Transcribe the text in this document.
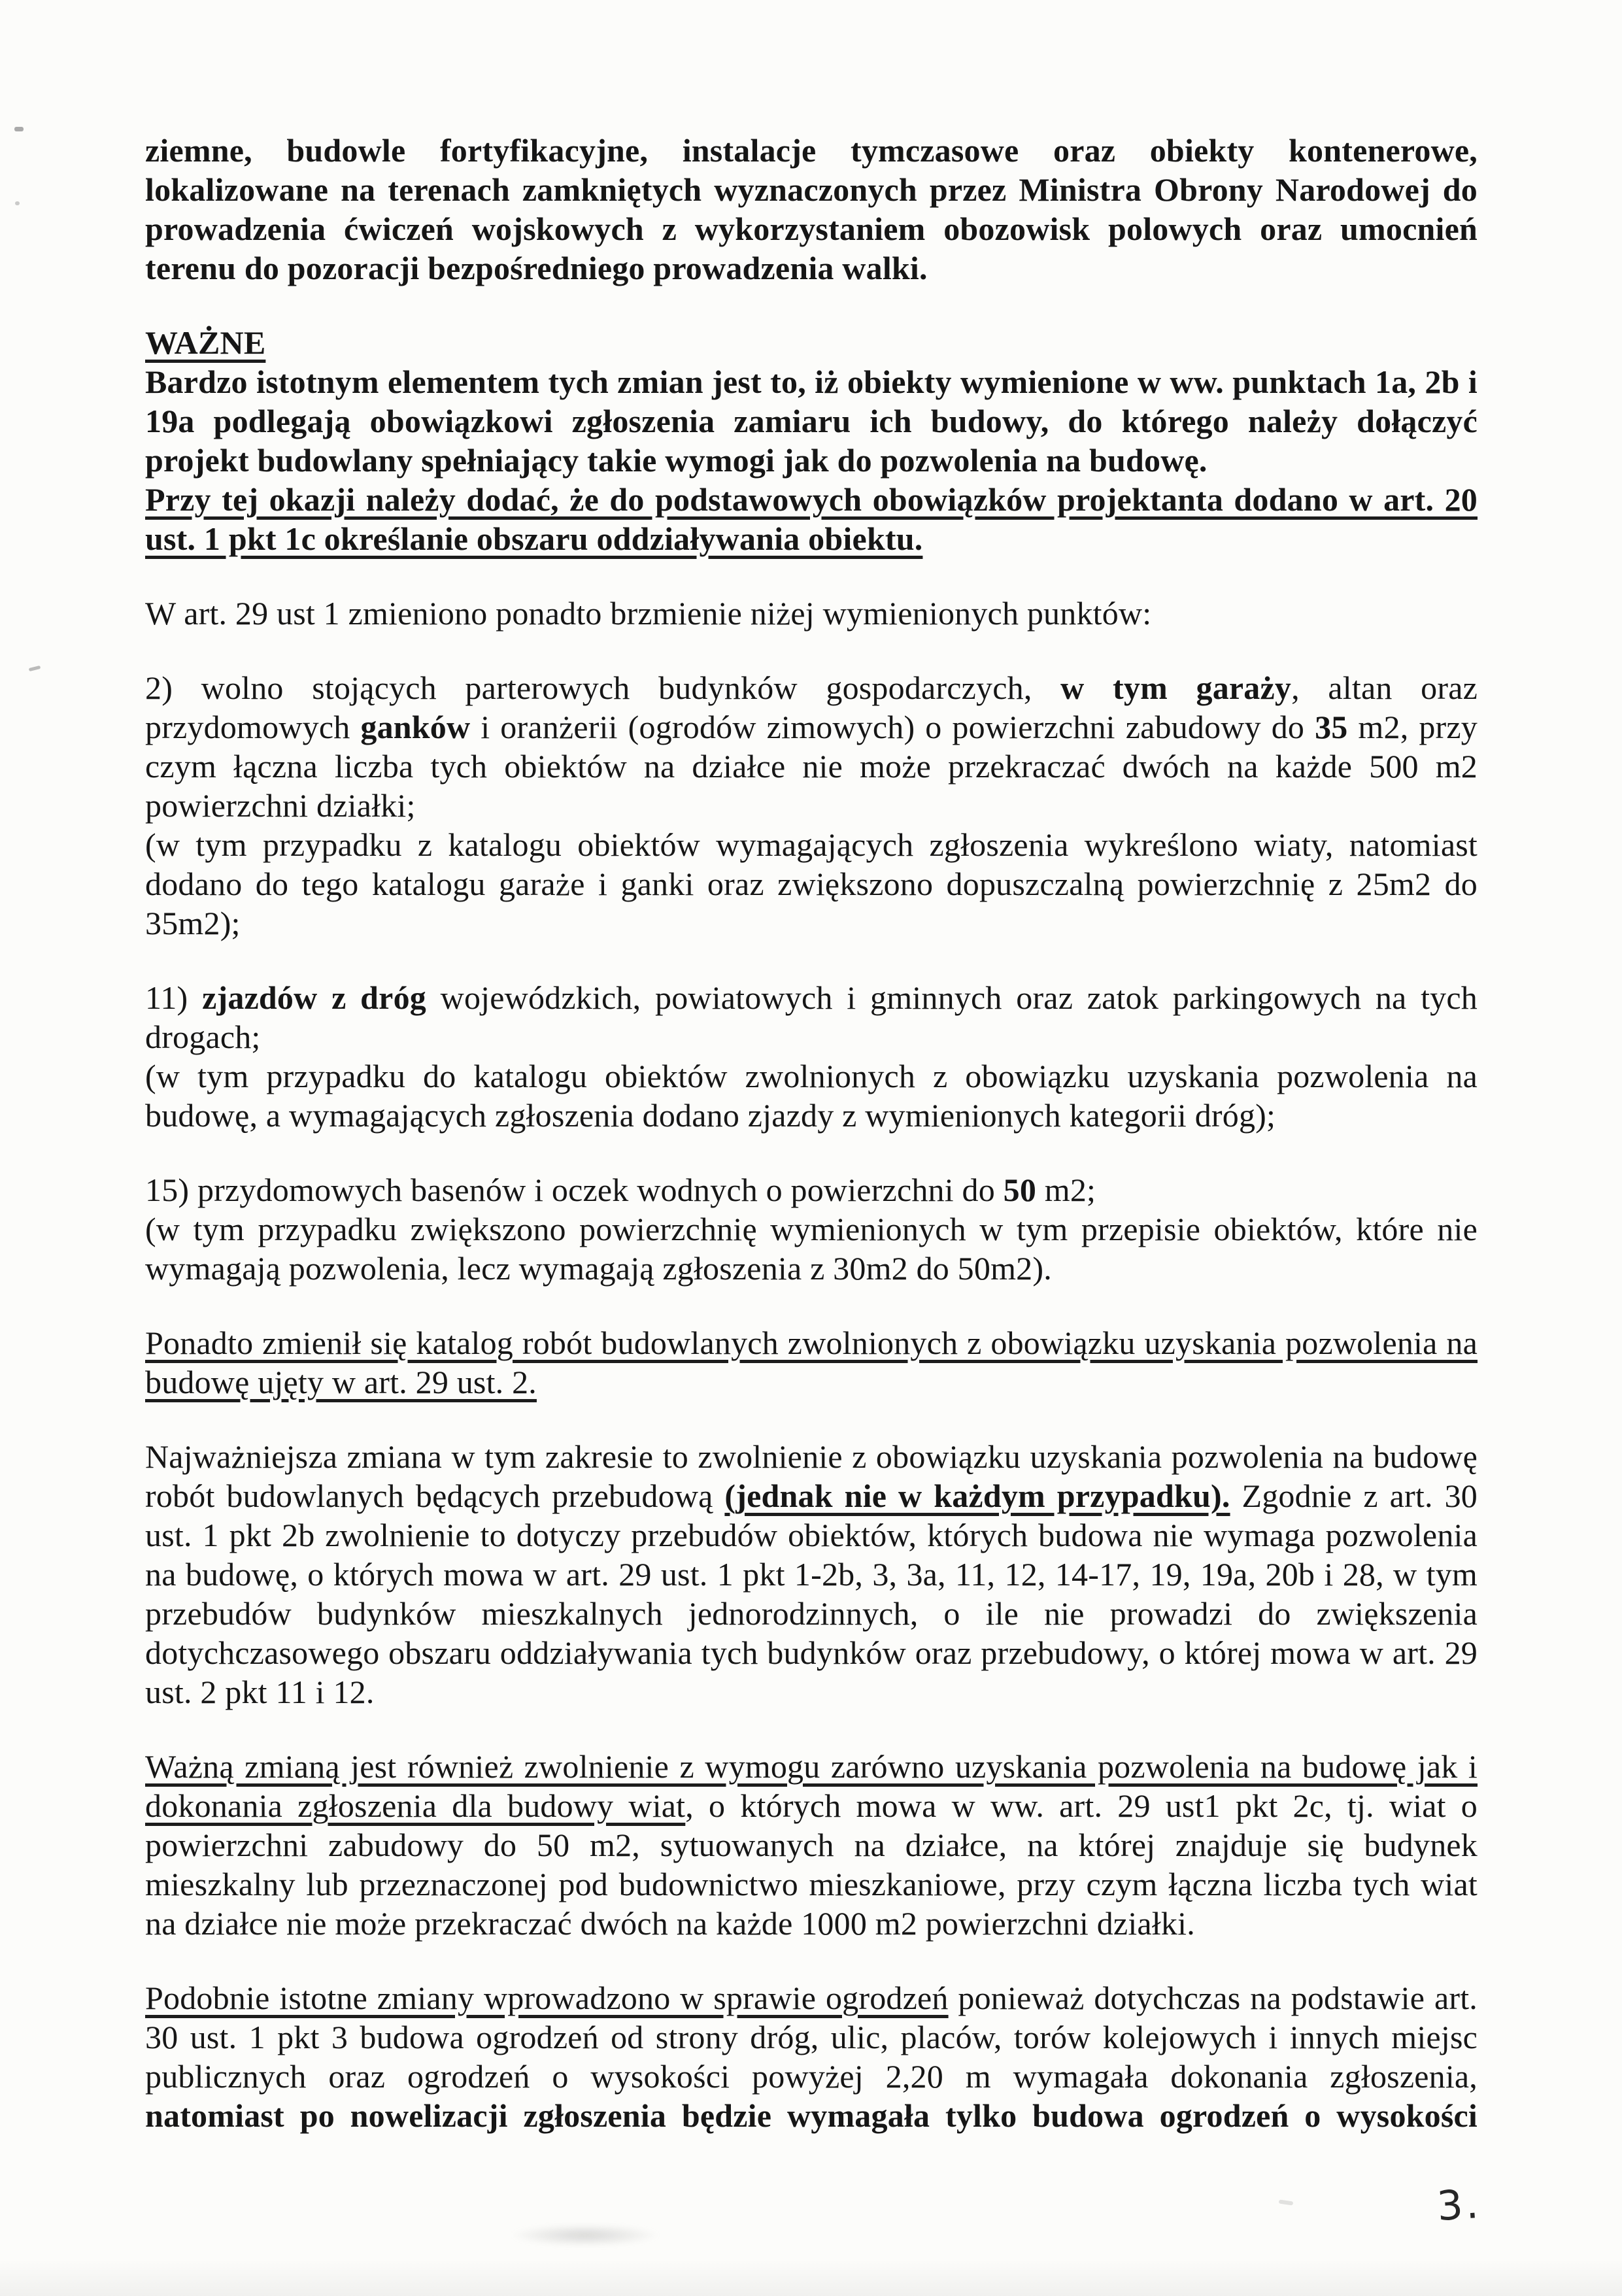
ziemne, budowle fortyfikacyjne, instalacje tymczasowe oraz obiekty kontenerowe, lokalizowane na terenach zamkniętych wyznaczonych przez Ministra Obrony Narodowej do prowadzenia ćwiczeń wojskowych z wykorzystaniem obozowisk polowych oraz umocnień terenu do pozoracji bezpośredniego prowadzenia walki.

WAŻNE

Bardzo istotnym elementem tych zmian jest to, iż obiekty wymienione w ww. punktach 1a, 2b i 19a podlegają obowiązkowi zgłoszenia zamiaru ich budowy, do którego należy dołączyć projekt budowlany spełniający takie wymogi jak do pozwolenia na budowę.

Przy tej okazji należy dodać, że do podstawowych obowiązków projektanta dodano w art. 20 ust. 1 pkt 1c określanie obszaru oddziaływania obiektu.

W art. 29 ust 1 zmieniono ponadto brzmienie niżej wymienionych punktów:

2) wolno stojących parterowych budynków gospodarczych, w tym garaży, altan oraz przydomowych ganków i oranżerii (ogrodów zimowych) o powierzchni zabudowy do 35 m2, przy czym łączna liczba tych obiektów na działce nie może przekraczać dwóch na każde 500 m2 powierzchni działki;

(w tym przypadku z katalogu obiektów wymagających zgłoszenia wykreślono wiaty, natomiast dodano do tego katalogu garaże i ganki oraz zwiększono dopuszczalną powierzchnię z 25m2 do 35m2);

11) zjazdów z dróg wojewódzkich, powiatowych i gminnych oraz zatok parkingowych na tych drogach;

(w tym przypadku do katalogu obiektów zwolnionych z obowiązku uzyskania pozwolenia na budowę, a wymagających zgłoszenia dodano zjazdy z wymienionych kategorii dróg);

15) przydomowych basenów i oczek wodnych o powierzchni do 50 m2;

(w tym przypadku zwiększono powierzchnię wymienionych w tym przepisie obiektów, które nie wymagają pozwolenia, lecz wymagają zgłoszenia z 30m2 do 50m2).

Ponadto zmienił się katalog robót budowlanych zwolnionych z obowiązku uzyskania pozwolenia na budowę ujęty w art. 29 ust. 2.

Najważniejsza zmiana w tym zakresie to zwolnienie z obowiązku uzyskania pozwolenia na budowę robót budowlanych będących przebudową (jednak nie w każdym przypadku). Zgodnie z art. 30 ust. 1 pkt 2b zwolnienie to dotyczy przebudów obiektów, których budowa nie wymaga pozwolenia na budowę, o których mowa w art. 29 ust. 1 pkt 1-2b, 3, 3a, 11, 12, 14-17, 19, 19a, 20b i 28, w tym przebudów budynków mieszkalnych jednorodzinnych, o ile nie prowadzi do zwiększenia dotychczasowego obszaru oddziaływania tych budynków oraz przebudowy, o której mowa w art. 29 ust. 2 pkt 11 i 12.

Ważną zmianą jest również zwolnienie z wymogu zarówno uzyskania pozwolenia na budowę jak i dokonania zgłoszenia dla budowy wiat, o których mowa w ww. art. 29 ust1 pkt 2c, tj. wiat o powierzchni zabudowy do 50 m2, sytuowanych na działce, na której znajduje się budynek mieszkalny lub przeznaczonej pod budownictwo mieszkaniowe, przy czym łączna liczba tych wiat na działce nie może przekraczać dwóch na każde 1000 m2 powierzchni działki.

Podobnie istotne zmiany wprowadzono w sprawie ogrodzeń ponieważ dotychczas na podstawie art. 30 ust. 1 pkt 3 budowa ogrodzeń od strony dróg, ulic, placów, torów kolejowych i innych miejsc publicznych oraz ogrodzeń o wysokości powyżej 2,20 m wymagała dokonania zgłoszenia, natomiast po nowelizacji zgłoszenia będzie wymagała tylko budowa ogrodzeń o wysokości

3.
